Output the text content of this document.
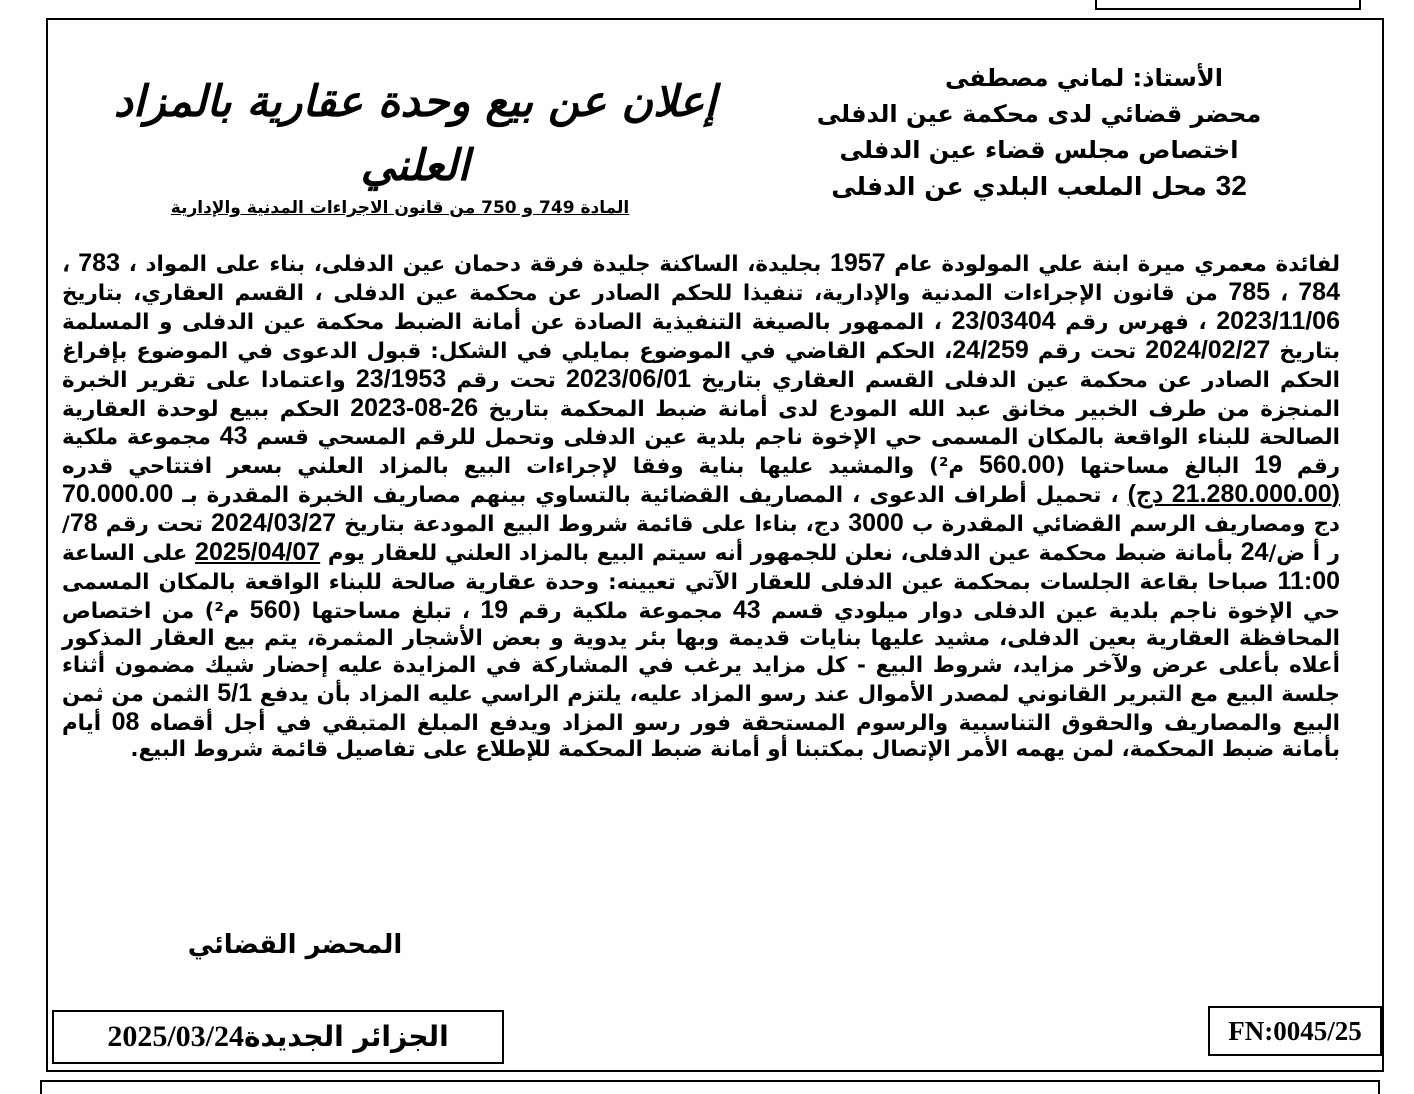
الأستاذ: لماني مصطفى
محضر قضائي لدى محكمة عين الدفلى
اختصاص مجلس قضاء عين الدفلى
32 محل الملعب البلدي عن الدفلى
إعلان عن بيع وحدة عقارية بالمزاد العلني
المادة 749 و 750 من قانون الاجراءات المدنية والإدارية
لفائدة معمري ميرة ابنة علي المولودة عام 1957 بجليدة، الساكنة جليدة فرقة دحمان عين الدفلى، بناء على المواد ، 783 ، 784 ، 785 من قانون الإجراءات المدنية والإدارية، تنفيذا للحكم الصادر عن محكمة عين الدفلى ، القسم العقاري، بتاريخ 2023/11/06 ، فهرس رقم 23/03404 ، الممهور بالصيغة التنفيذية الصادة عن أمانة الضبط محكمة عين الدفلى و المسلمة بتاريخ 2024/02/27 تحت رقم 24/259، الحكم القاضي في الموضوع بمايلي في الشكل: قبول الدعوى في الموضوع بإفراغ الحكم الصادر عن محكمة عين الدفلى القسم العقاري بتاريخ 2023/06/01 تحت رقم 23/1953 واعتمادا على تقرير الخبرة المنجزة من طرف الخبير مخانق عبد الله المودع لدى أمانة ضبط المحكمة بتاريخ 26-08-2023 الحكم ببيع لوحدة العقارية الصالحة للبناء الواقعة بالمكان المسمى حي الإخوة ناجم بلدية عين الدفلى وتحمل للرقم المسحي قسم 43 مجموعة ملكية رقم 19 البالغ مساحتها (560.00 م²) والمشيد عليها بناية وفقا لإجراءات البيع بالمزاد العلني بسعر افتتاحي قدره (21.280.000.00 دج) ، تحميل أطراف الدعوى ، المصاريف القضائية بالتساوي بينهم مصاريف الخبرة المقدرة بـ 70.000.00 دج ومصاريف الرسم القضائي المقدرة ب 3000 دج، بناءا على قائمة شروط البيع المودعة بتاريخ 2024/03/27 تحت رقم 78/ ر أ ض/24 بأمانة ضبط محكمة عين الدفلى، نعلن للجمهور أنه سيتم البيع بالمزاد العلني للعقار يوم 2025/04/07 على الساعة 11:00 صباحا بقاعة الجلسات بمحكمة عين الدفلى للعقار الآتي تعيينه: وحدة عقارية صالحة للبناء الواقعة بالمكان المسمى حي الإخوة ناجم بلدية عين الدفلى دوار ميلودي قسم 43 مجموعة ملكية رقم 19 ، تبلغ مساحتها (560 م²) من اختصاص المحافظة العقارية بعين الدفلى، مشيد عليها بنايات قديمة وبها بئر يدوية و بعض الأشجار المثمرة، يتم بيع العقار المذكور أعلاه بأعلى عرض ولآخر مزايد، شروط البيع - كل مزايد يرغب في المشاركة في المزايدة عليه إحضار شيك مضمون أثناء جلسة البيع مع التبرير القانوني لمصدر الأموال عند رسو المزاد عليه، يلتزم الراسي عليه المزاد بأن يدفع 5/1 الثمن من ثمن البيع والمصاريف والحقوق التناسبية والرسوم المستحقة فور رسو المزاد ويدفع المبلغ المتبقي في أجل أقصاه 08 أيام بأمانة ضبط المحكمة، لمن يهمه الأمر الإتصال بمكتبنا أو أمانة ضبط المحكمة للإطلاع على تفاصيل قائمة شروط البيع.
المحضر القضائي
الجزائر الجديدة2025/03/24	FN:0045/25
